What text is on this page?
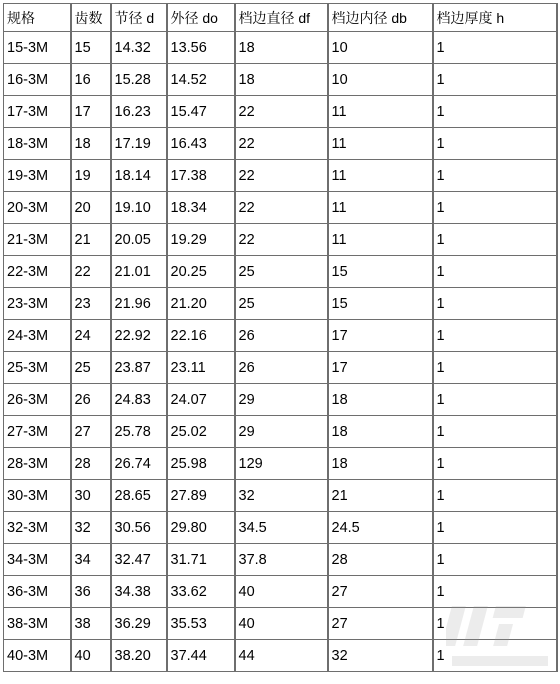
规格	齿数	节径 d	外径 do	档边直径 df	档边内径 db	档边厚度 h
15-3M	15	14.32	13.56	18	10	1
16-3M	16	15.28	14.52	18	10	1
17-3M	17	16.23	15.47	22	11	1
18-3M	18	17.19	16.43	22	11	1
19-3M	19	18.14	17.38	22	11	1
20-3M	20	19.10	18.34	22	11	1
21-3M	21	20.05	19.29	22	11	1
22-3M	22	21.01	20.25	25	15	1
23-3M	23	21.96	21.20	25	15	1
24-3M	24	22.92	22.16	26	17	1
25-3M	25	23.87	23.11	26	17	1
26-3M	26	24.83	24.07	29	18	1
27-3M	27	25.78	25.02	29	18	1
28-3M	28	26.74	25.98	129	18	1
30-3M	30	28.65	27.89	32	21	1
32-3M	32	30.56	29.80	34.5	24.5	1
34-3M	34	32.47	31.71	37.8	28	1
36-3M	36	34.38	33.62	40	27	1
38-3M	38	36.29	35.53	40	27	1
40-3M	40	38.20	37.44	44	32	1
